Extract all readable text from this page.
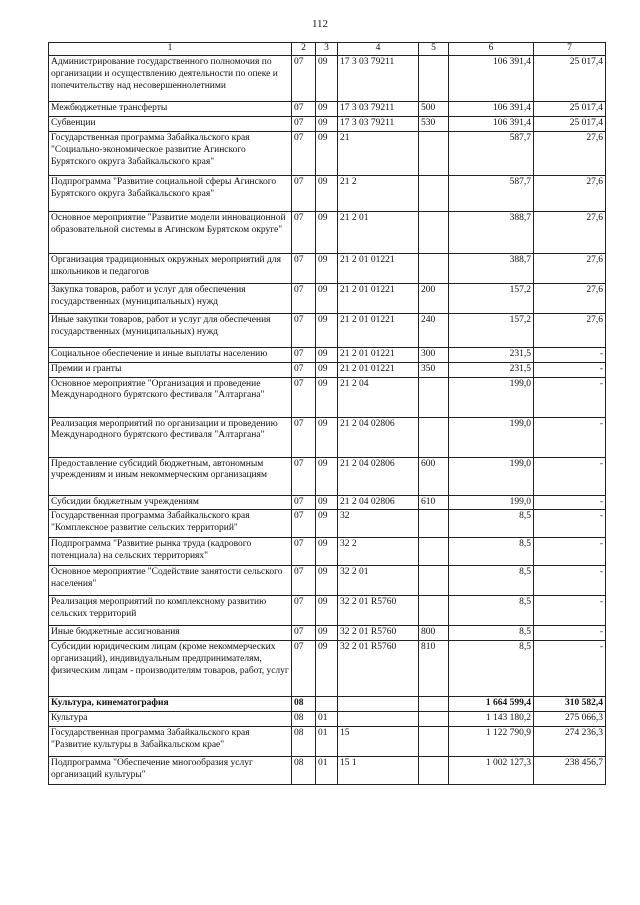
112
1	2	3	4	5	6	7
Администрирование государственного полномочия по организации и осуществлению деятельности по опеке и попечительству над несовершеннолетними	07	09	17 3 03 79211		106 391,4	25 017,4
Межбюджетные трансферты	07	09	17 3 03 79211	500	106 391,4	25 017,4
Субвенции	07	09	17 3 03 79211	530	106 391,4	25 017,4
Государственная программа Забайкальского края "Социально-экономическое развитие Агинского Бурятского округа Забайкальского края"	07	09	21		587,7	27,6
Подпрограмма "Развитие социальной сферы Агинского Бурятского округа Забайкальского края"	07	09	21 2		587,7	27,6
Основное мероприятие "Развитие модели инновационной образовательной системы в Агинском Бурятском округе"	07	09	21 2 01		388,7	27,6
Организация традиционных окружных мероприятий для школьников и педагогов	07	09	21 2 01 01221		388,7	27,6
Закупка товаров, работ и услуг для обеспечения государственных (муниципальных) нужд	07	09	21 2 01 01221	200	157,2	27,6
Иные закупки товаров, работ и услуг для обеспечения государственных (муниципальных) нужд	07	09	21 2 01 01221	240	157,2	27,6
Социальное обеспечение и иные выплаты населению	07	09	21 2 01 01221	300	231,5	-
Премии и гранты	07	09	21 2 01 01221	350	231,5	-
Основное мероприятие "Организация и проведение Международного бурятского фестиваля "Алтаргана"	07	09	21 2 04		199,0	-
Реализация мероприятий по организации и проведению Международного бурятского фестиваля "Алтаргана"	07	09	21 2 04 02806		199,0	-
Предоставление субсидий бюджетным, автономным учреждениям и иным некоммерческим организациям	07	09	21 2 04 02806	600	199,0	-
Субсидии бюджетным учреждениям	07	09	21 2 04 02806	610	199,0	-
Государственная программа Забайкальского края "Комплексное развитие сельских территорий"	07	09	32		8,5	-
Подпрограмма "Развитие рынка труда (кадрового потенциала) на сельских территориях"	07	09	32 2		8,5	-
Основное мероприятие "Содействие занятости сельского населения"	07	09	32 2 01		8,5	-
Реализация мероприятий по комплексному развитию сельских территорий	07	09	32 2 01 R5760		8,5	-
Иные бюджетные ассигнования	07	09	32 2 01 R5760	800	8,5	-
Субсидии юридическим лицам (кроме некоммерческих организаций), индивидуальным предпринимателям, физическим лицам - производителям товаров, работ, услуг	07	09	32 2 01 R5760	810	8,5	-
Культура, кинематография	08				1 664 599,4	310 582,4
Культура	08	01			1 143 180,2	275 066,3
Государственная программа Забайкальского края "Развитие культуры в Забайкальском крае"	08	01	15		1 122 790,9	274 236,3
Подпрограмма "Обеспечение многообразия услуг организаций культуры"	08	01	15 1		1 002 127,3	238 456,7
